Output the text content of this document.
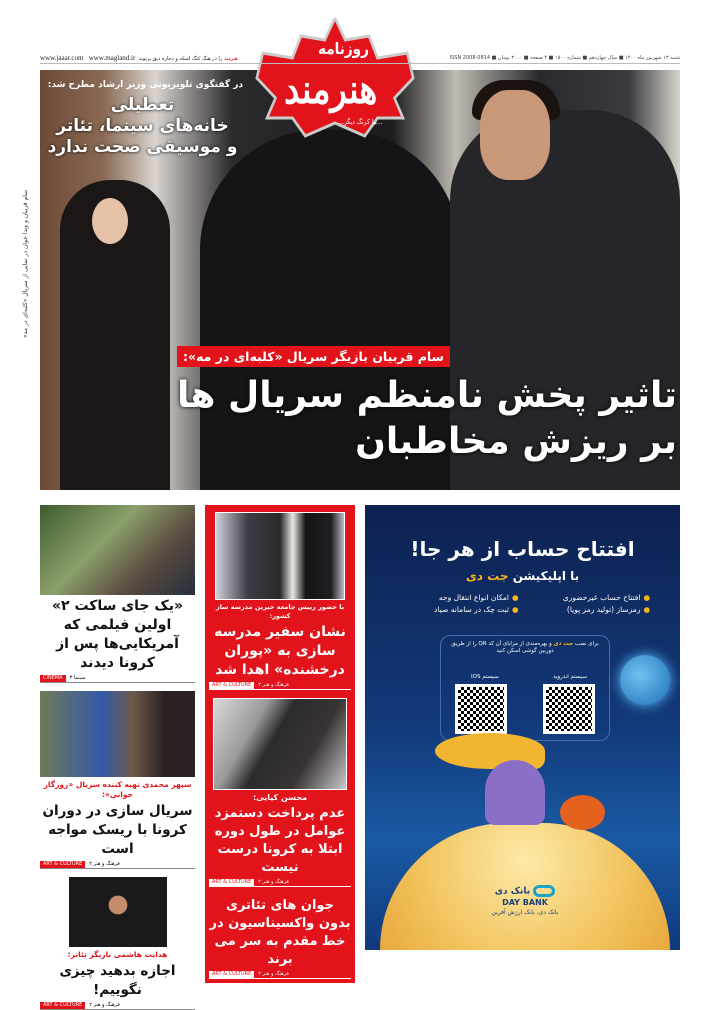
روزنامه
هنرمند
...بیا کرنگ دیگر...
www.jaaar.com www.magland.ir	هنرمند را در هنگ کنگ اشکه و دجاره دیق پرتوید	شنبه ۱۳ شهریور ماه ۱۴۰۰ ■ سال چهاردهم ■ شماره ۱۵۰۰ ■ ۴ صفحه ■ ۳۰۰۰ تومان ■ ISSN 2008-0814
در گفتگوی تلویزیونی وزیر ارشاد مطرح شد:
تعطیلی
خانه‌های سینما، تئاتر
و موسیقی صحت ندارد
سام قربیان و ویدا جوان در نمایی از سریال «کلبه‌ای در مه»
سام قربیان بازیگر سریال «کلبه‌ای در مه»:
تاثیر پخش نامنظم سریال ها
بر ریزش مخاطبان
«یک جای ساکت ۲» اولین فیلمی که آمریکایی‌ها پس از کرونا دیدند
CINEMA	سینما ۳
سپهر محمدی تهیه کننده سریال «روزگار جوانی»:
سریال سازی در دوران کرونا با ریسک مواجه است
ART & CULTURE	فرهنگ و هنر ۲
هدایت هاشمی بازیگر تئاتر:
اجازه بدهید چیزی نگوییم!
ART & CULTURE	فرهنگ و هنر ۲
با حضور رییس جامعه خیرین مدرسه ساز کشور:
نشان سفیر مدرسه سازی به «پوران درخشنده» اهدا شد
ART & CULTURE	فرهنگ و هنر ۲
محسن کیایی:
عدم پرداخت دستمزد عوامل در طول دوره ابتلا به کرونا درست نیست
ART & CULTURE	فرهنگ و هنر ۲
جوان های تئاتری بدون واکسیناسیون در خط مقدم به سر می برند
ART & CULTURE	فرهنگ و هنر ۲
افتتاح حساب از هر جا!
با اپلیکیشن جت دی
● افتتاح حساب غیرحضوری
● امکان انواع انتقال وجه
● رمزساز (تولید رمز پویا)
● ثبت چک در سامانه صیاد
برای نصب جت دی و بهره‌مندی از مزایای آن کد QR را از طریق دوربین گوشی اسکن کنید
سیستم اندروید
سیستم IOS
بانک دی
DAY BANK
بانک دی، بانک ارزش آفرین
